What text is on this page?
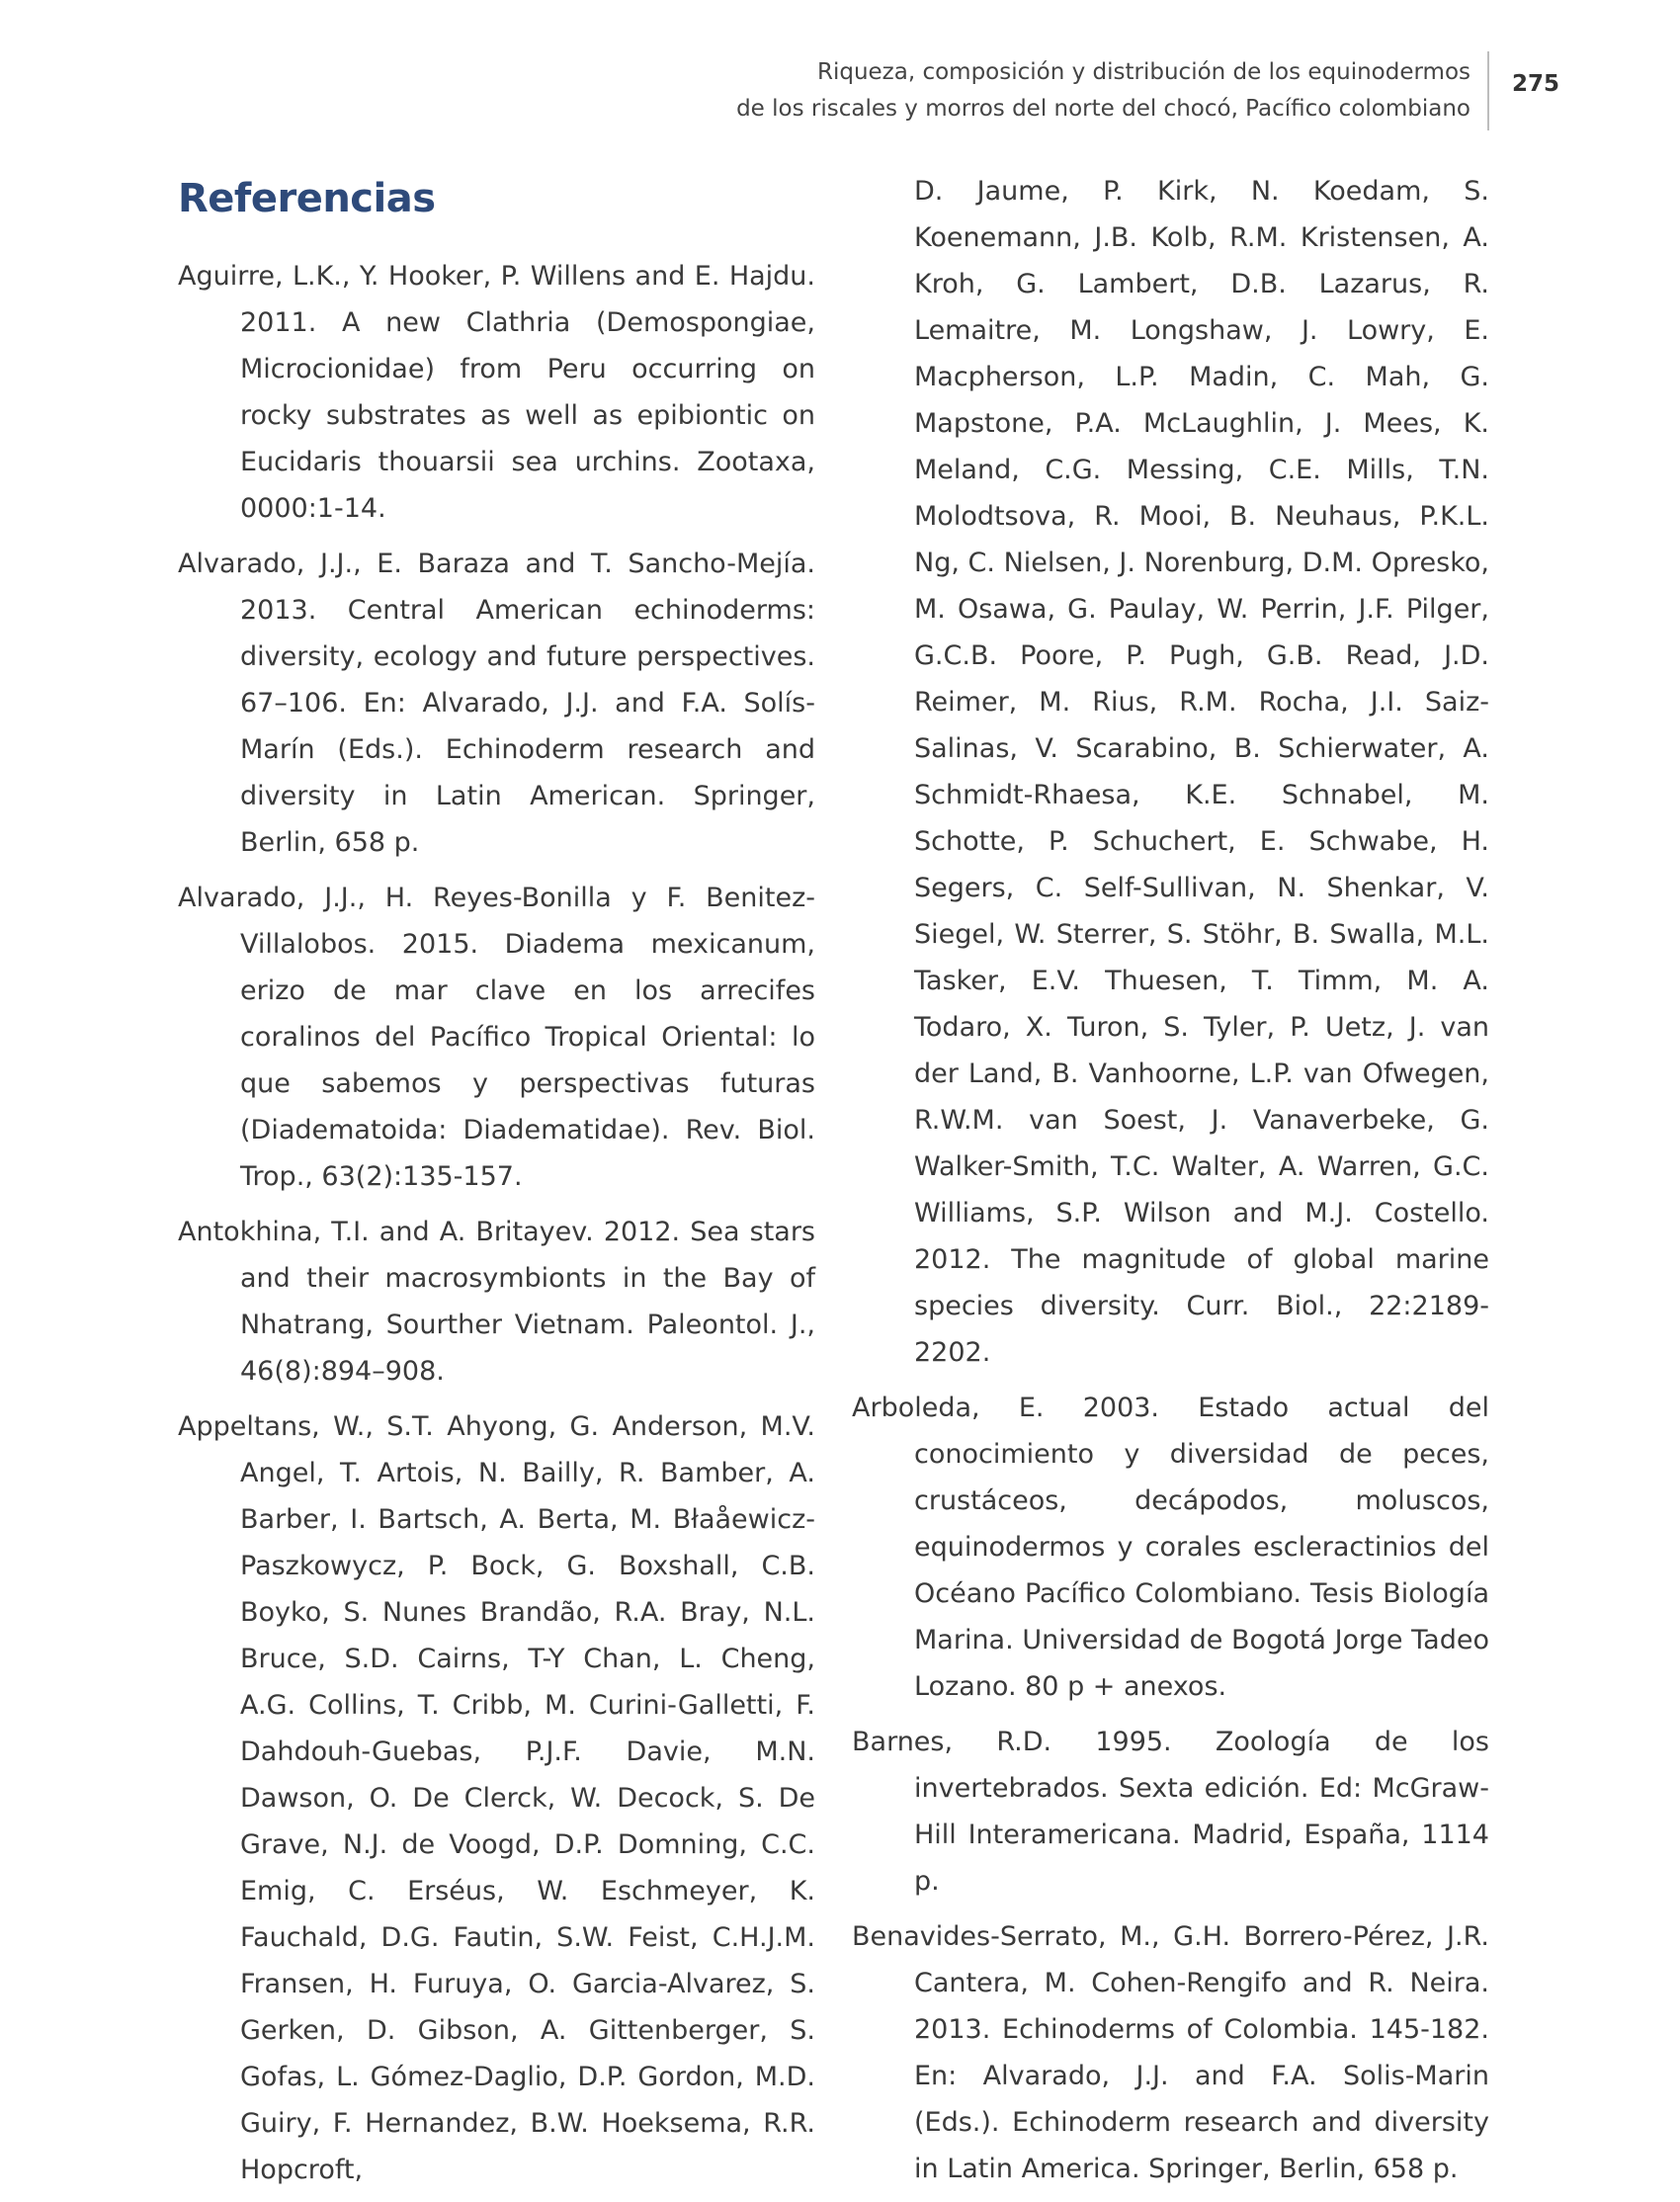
Riqueza, composición y distribución de los equinodermos
de los riscales y morros del norte del chocó, Pacífico colombiano
275
Referencias

Aguirre, L.K., Y. Hooker, P. Willens and E. Hajdu. 2011. A new Clathria (Demospongiae, Microcionidae) from Peru occurring on rocky substrates as well as epibiontic on Eucidaris thouarsii sea urchins. Zootaxa, 0000:1-14.

Alvarado, J.J., E. Baraza and T. Sancho-Mejía. 2013. Central American echinoderms: diversity, ecology and future perspectives. 67–106. En: Alvarado, J.J. and F.A. Solís-Marín (Eds.). Echinoderm research and diversity in Latin American. Springer, Berlin, 658 p.

Alvarado, J.J., H. Reyes-Bonilla y F. Benitez-Villalobos. 2015. Diadema mexicanum, erizo de mar clave en los arrecifes coralinos del Pacífico Tropical Oriental: lo que sabemos y perspectivas futuras (Diadematoida: Diadematidae). Rev. Biol. Trop., 63(2):135-157.

Antokhina, T.I. and A. Britayev. 2012. Sea stars and their macrosymbionts in the Bay of Nhatrang, Sourther Vietnam. Paleontol. J., 46(8):894–908.

Appeltans, W., S.T. Ahyong, G. Anderson, M.V. Angel, T. Artois, N. Bailly, R. Bamber, A. Barber, I. Bartsch, A. Berta, M. Błaåewicz-Paszkowycz, P. Bock, G. Boxshall, C.B. Boyko, S. Nunes Brandão, R.A. Bray, N.L. Bruce, S.D. Cairns, T-Y Chan, L. Cheng, A.G. Collins, T. Cribb, M. Curini-Galletti, F. Dahdouh-Guebas, P.J.F. Davie, M.N. Dawson, O. De Clerck, W. Decock, S. De Grave, N.J. de Voogd, D.P. Domning, C.C. Emig, C. Erséus, W. Eschmeyer, K. Fauchald, D.G. Fautin, S.W. Feist, C.H.J.M. Fransen, H. Furuya, O. Garcia-Alvarez, S. Gerken, D. Gibson, A. Gittenberger, S. Gofas, L. Gómez-Daglio, D.P. Gordon, M.D. Guiry, F. Hernandez, B.W. Hoeksema, R.R. Hopcroft,

D. Jaume, P. Kirk, N. Koedam, S. Koenemann, J.B. Kolb, R.M. Kristensen, A. Kroh, G. Lambert, D.B. Lazarus, R. Lemaitre, M. Longshaw, J. Lowry, E. Macpherson, L.P. Madin, C. Mah, G. Mapstone, P.A. McLaughlin, J. Mees, K. Meland, C.G. Messing, C.E. Mills, T.N. Molodtsova, R. Mooi, B. Neuhaus, P.K.L. Ng, C. Nielsen, J. Norenburg, D.M. Opresko, M. Osawa, G. Paulay, W. Perrin, J.F. Pilger, G.C.B. Poore, P. Pugh, G.B. Read, J.D. Reimer, M. Rius, R.M. Rocha, J.I. Saiz-Salinas, V. Scarabino, B. Schierwater, A. Schmidt-Rhaesa, K.E. Schnabel, M. Schotte, P. Schuchert, E. Schwabe, H. Segers, C. Self-Sullivan, N. Shenkar, V. Siegel, W. Sterrer, S. Stöhr, B. Swalla, M.L. Tasker, E.V. Thuesen, T. Timm, M. A. Todaro, X. Turon, S. Tyler, P. Uetz, J. van der Land, B. Vanhoorne, L.P. van Ofwegen, R.W.M. van Soest, J. Vanaverbeke, G. Walker-Smith, T.C. Walter, A. Warren, G.C. Williams, S.P. Wilson and M.J. Costello. 2012. The magnitude of global marine species diversity. Curr. Biol., 22:2189-2202.

Arboleda, E. 2003. Estado actual del conocimiento y diversidad de peces, crustáceos, decápodos, moluscos, equinodermos y corales escleractinios del Océano Pacífico Colombiano. Tesis Biología Marina. Universidad de Bogotá Jorge Tadeo Lozano. 80 p + anexos.

Barnes, R.D. 1995. Zoología de los invertebrados. Sexta edición. Ed: McGraw-Hill Interamericana. Madrid, España, 1114 p.

Benavides-Serrato, M., G.H. Borrero-Pérez, J.R. Cantera, M. Cohen-Rengifo and R. Neira. 2013. Echinoderms of Colombia. 145-182. En: Alvarado, J.J. and F.A. Solis-Marin (Eds.). Echinoderm research and diversity in Latin America. Springer, Berlin, 658 p.
